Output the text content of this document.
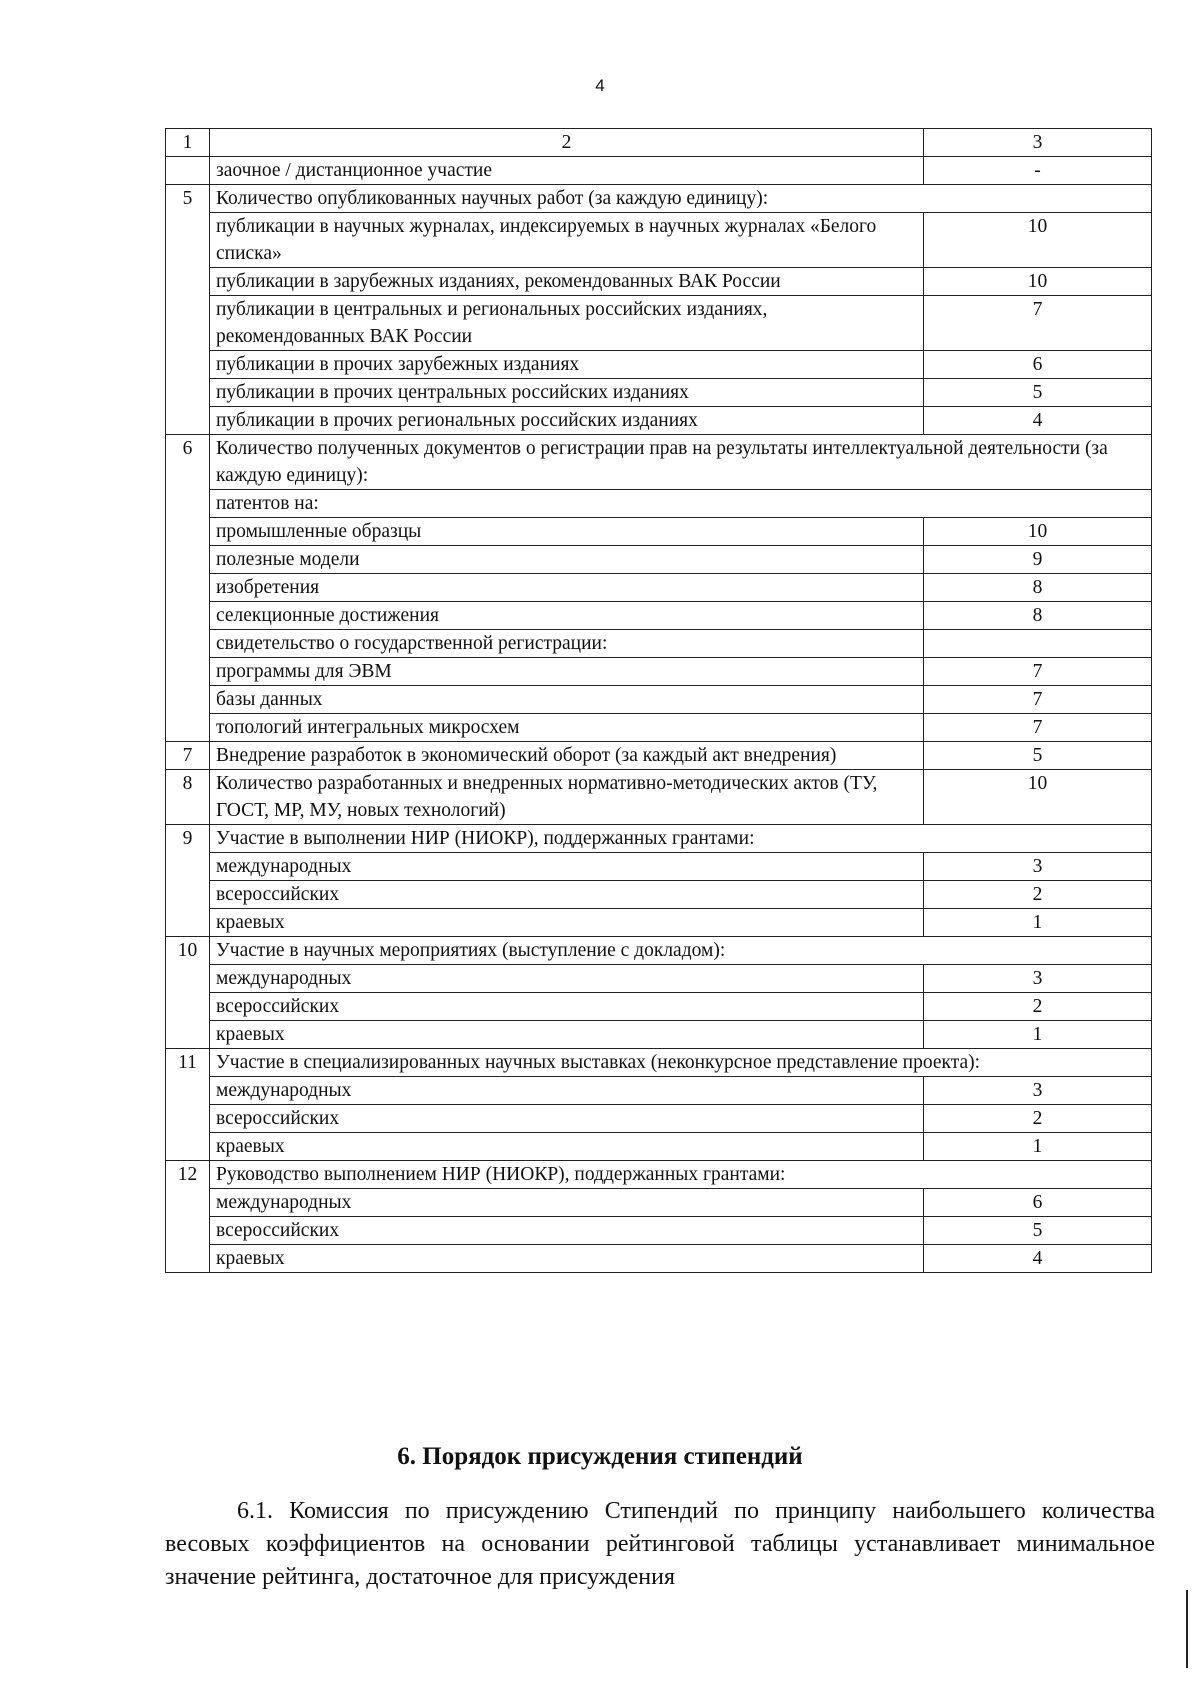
4
1	2	3
	заочное / дистанционное участие	-
5	Количество опубликованных научных работ (за каждую единицу):	
	публикации в научных журналах, индексируемых в научных журналах «Белого списка»	10
	публикации в зарубежных изданиях, рекомендованных ВАК России	10
	публикации в центральных и региональных российских изданиях, рекомендованных ВАК России	7
	публикации в прочих зарубежных изданиях	6
	публикации в прочих центральных российских изданиях	5
	публикации в прочих региональных российских изданиях	4
6	Количество полученных документов о регистрации прав на результаты интеллектуальной деятельности (за каждую единицу):	
	патентов на:	
	промышленные образцы	10
	полезные модели	9
	изобретения	8
	селекционные достижения	8
	свидетельство о государственной регистрации:	
	программы для ЭВМ	7
	базы данных	7
	топологий интегральных микросхем	7
7	Внедрение разработок в экономический оборот (за каждый акт внедрения)	5
8	Количество разработанных и внедренных нормативно-методических актов (ТУ, ГОСТ, МР, МУ, новых технологий)	10
9	Участие в выполнении НИР (НИОКР), поддержанных грантами:	
	международных	3
	всероссийских	2
	краевых	1
10	Участие в научных мероприятиях (выступление с докладом):	
	международных	3
	всероссийских	2
	краевых	1
11	Участие в специализированных научных выставках (неконкурсное представление проекта):	
	международных	3
	всероссийских	2
	краевых	1
12	Руководство выполнением НИР (НИОКР), поддержанных грантами:	
	международных	6
	всероссийских	5
	краевых	4
6. Порядок присуждения стипендий
6.1. Комиссия по присуждению Стипендий по принципу наибольшего количества весовых коэффициентов на основании рейтинговой таблицы устанавливает минимальное значение рейтинга, достаточное для присуждения
